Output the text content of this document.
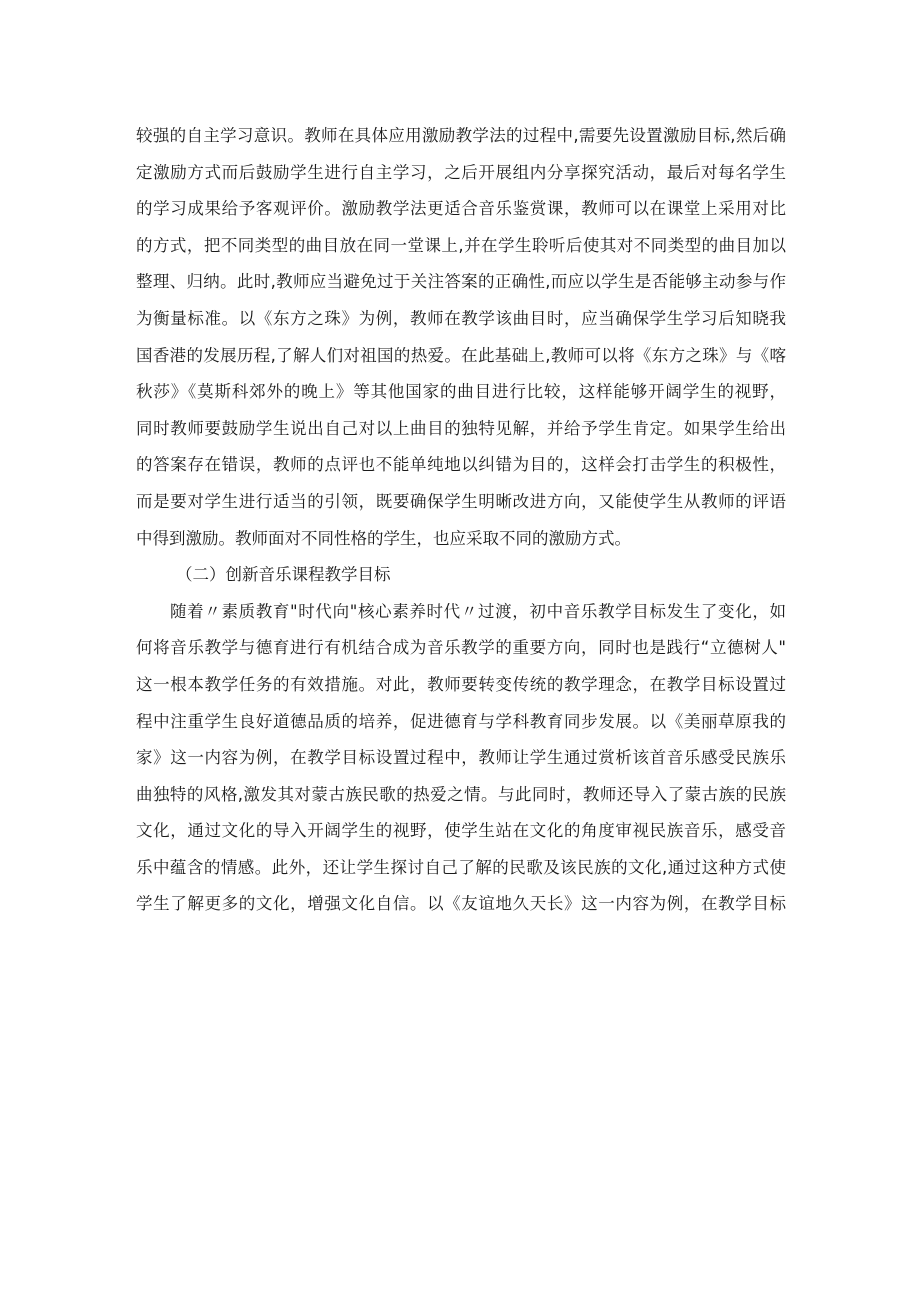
较强的自主学习意识。教师在具体应用激励教学法的过程中,需要先设置激励目标,然后确
定激励方式而后鼓励学生进行自主学习，之后开展组内分享探究活动，最后对每名学生
的学习成果给予客观评价。激励教学法更适合音乐鉴赏课，教师可以在课堂上采用对比
的方式，把不同类型的曲目放在同一堂课上,并在学生聆听后使其对不同类型的曲目加以
整理、归纳。此时,教师应当避免过于关注答案的正确性,而应以学生是否能够主动参与作
为衡量标准。以《东方之珠》为例，教师在教学该曲目时，应当确保学生学习后知晓我
国香港的发展历程,了解人们对祖国的热爱。在此基础上,教师可以将《东方之珠》与《喀
秋莎》《莫斯科郊外的晚上》等其他国家的曲目进行比较，这样能够开阔学生的视野，
同时教师要鼓励学生说出自己对以上曲目的独特见解，并给予学生肯定。如果学生给出
的答案存在错误，教师的点评也不能单纯地以纠错为目的，这样会打击学生的积极性，
而是要对学生进行适当的引领，既要确保学生明晰改进方向，又能使学生从教师的评语
中得到激励。教师面对不同性格的学生，也应采取不同的激励方式。
（二）创新音乐课程教学目标
随着〃素质教育"时代向"核心素养时代〃过渡，初中音乐教学目标发生了变化，如
何将音乐教学与德育进行有机结合成为音乐教学的重要方向，同时也是践行“立德树人"
这一根本教学任务的有效措施。对此，教师要转变传统的教学理念，在教学目标设置过
程中注重学生良好道德品质的培养，促进德育与学科教育同步发展。以《美丽草原我的
家》这一内容为例，在教学目标设置过程中，教师让学生通过赏析该首音乐感受民族乐
曲独特的风格,激发其对蒙古族民歌的热爱之情。与此同时，教师还导入了蒙古族的民族
文化，通过文化的导入开阔学生的视野，使学生站在文化的角度审视民族音乐，感受音
乐中蕴含的情感。此外，还让学生探讨自己了解的民歌及该民族的文化,通过这种方式使
学生了解更多的文化，增强文化自信。以《友谊地久天长》这一内容为例，在教学目标
